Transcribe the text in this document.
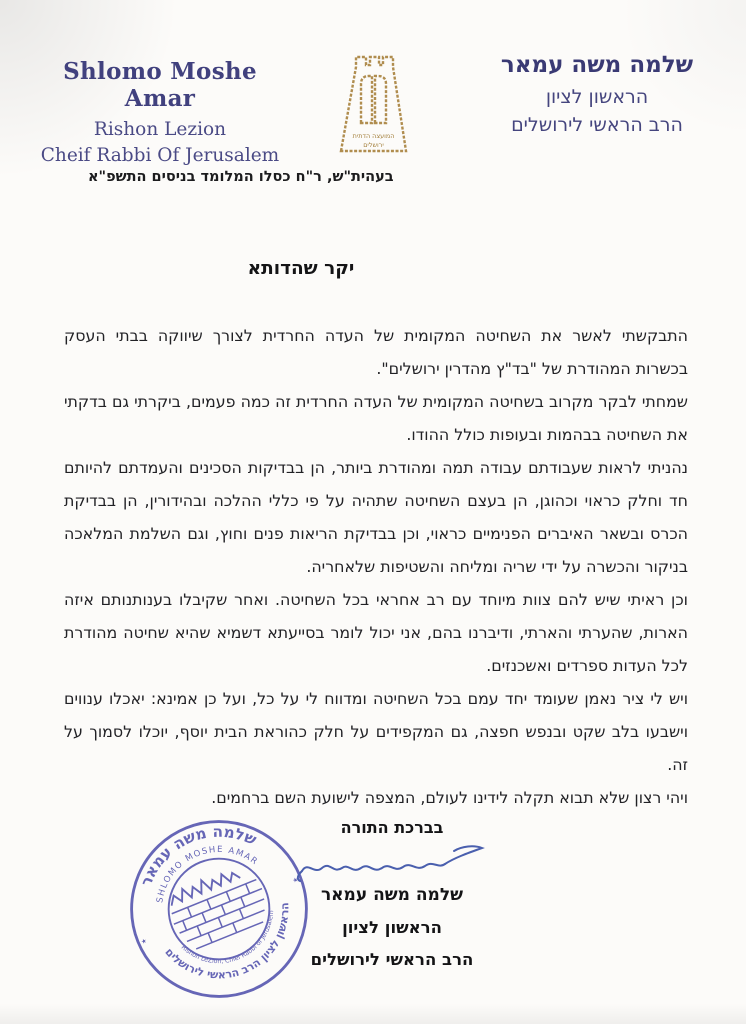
Shlomo Moshe Amar
Rishon Lezion
Cheif Rabbi Of Jerusalem
המועצה הדתית
ירושלים
שלמה משה עמאר
הראשון לציון
הרב הראשי לירושלים
בעהית"ש, ר"ח כסלו המלומד בניסים התשפ"א
יקר שהדותא

התבקשתי לאשר את השחיטה המקומית של העדה החרדית לצורך שיווקה בבתי העסק בכשרות המהודרת של "בד"ץ מהדרין ירושלים".

שמחתי לבקר מקרוב בשחיטה המקומית של העדה החרדית זה כמה פעמים, ביקרתי גם בדקתי את השחיטה בבהמות ובעופות כולל ההודו.

נהניתי לראות שעבודתם עבודה תמה ומהודרת ביותר, הן בבדיקות הסכינים והעמדתם להיותם חד וחלק כראוי וכהוגן, הן בעצם השחיטה שתהיה על פי כללי ההלכה ובהידורין, הן בבדיקת הכרס ובשאר האיברים הפנימיים כראוי, וכן בבדיקת הריאות פנים וחוץ, וגם השלמת המלאכה בניקור והכשרה על ידי שריה ומליחה והשטיפות שלאחריה.

וכן ראיתי שיש להם צוות מיוחד עם רב אחראי בכל השחיטה. ואחר שקיבלו בענותנותם איזה הארות, שהערתי והארתי, ודיברנו בהם, אני יכול לומר בסייעתא דשמיא שהיא שחיטה מהודרת לכל העדות ספרדים ואשכנזים.

ויש לי ציר נאמן שעומד יחד עמם בכל השחיטה ומדווח לי על כל, ועל כן אמינא: יאכלו ענווים וישבעו בלב שקט ובנפש חפצה, גם המקפידים על חלק כהוראת הבית יוסף, יוכלו לסמוך על זה.

ויהי רצון שלא תבוא תקלה לידינו לעולם, המצפה לישועת השם ברחמים.

בברכת התורה
שלמה משה עמאר
הראשון לציון
הרב הראשי לירושלים
שלמה משה עמאר
SHLOMO MOSHE AMAR
הראשון לציון הרב הראשי לירושלים
Rishon LeZion, Chief Rabbi of Jerusalem
٭
٭
